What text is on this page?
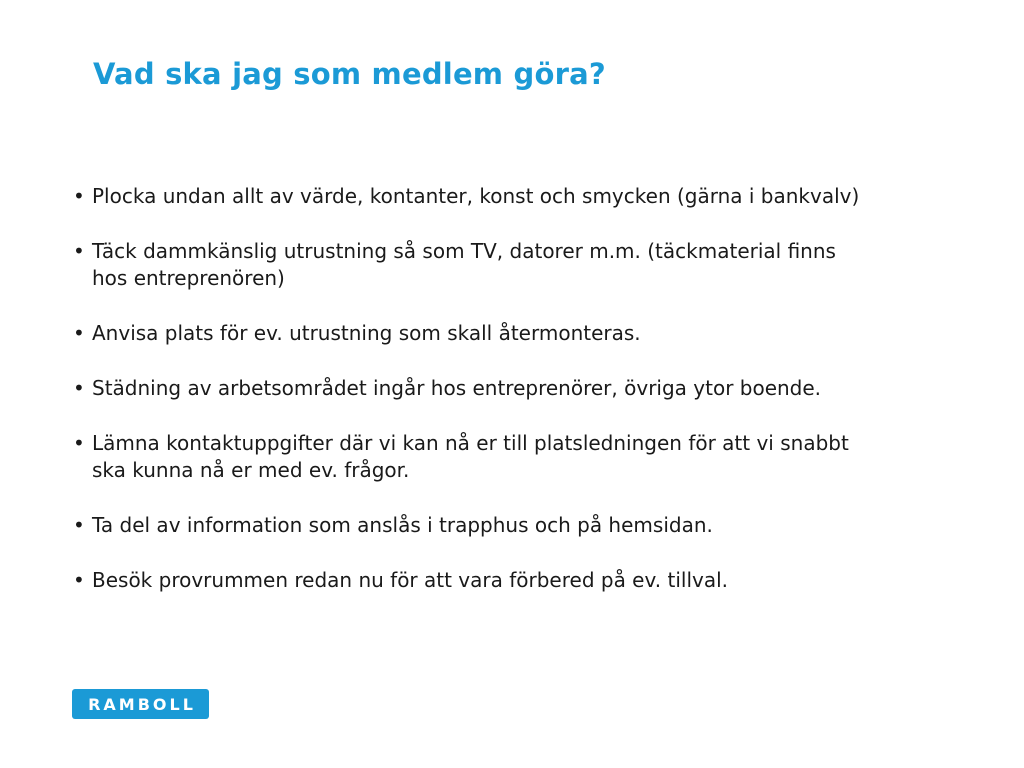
Vad ska jag som medlem göra?
• Plocka undan allt av värde, kontanter, konst och smycken (gärna i bankvalv)
• Täck dammkänslig utrustning så som TV, datorer m.m. (täckmaterial finns hos entreprenören)
• Anvisa plats för ev. utrustning som skall återmonteras.
• Städning av arbetsområdet ingår hos entreprenörer, övriga ytor boende.
• Lämna kontaktuppgifter där vi kan nå er till platsledningen för att vi snabbt ska kunna nå er med ev. frågor.
• Ta del av information som anslås i trapphus och på hemsidan.
• Besök provrummen redan nu för att vara förbered på ev. tillval.
RAMBOLL
